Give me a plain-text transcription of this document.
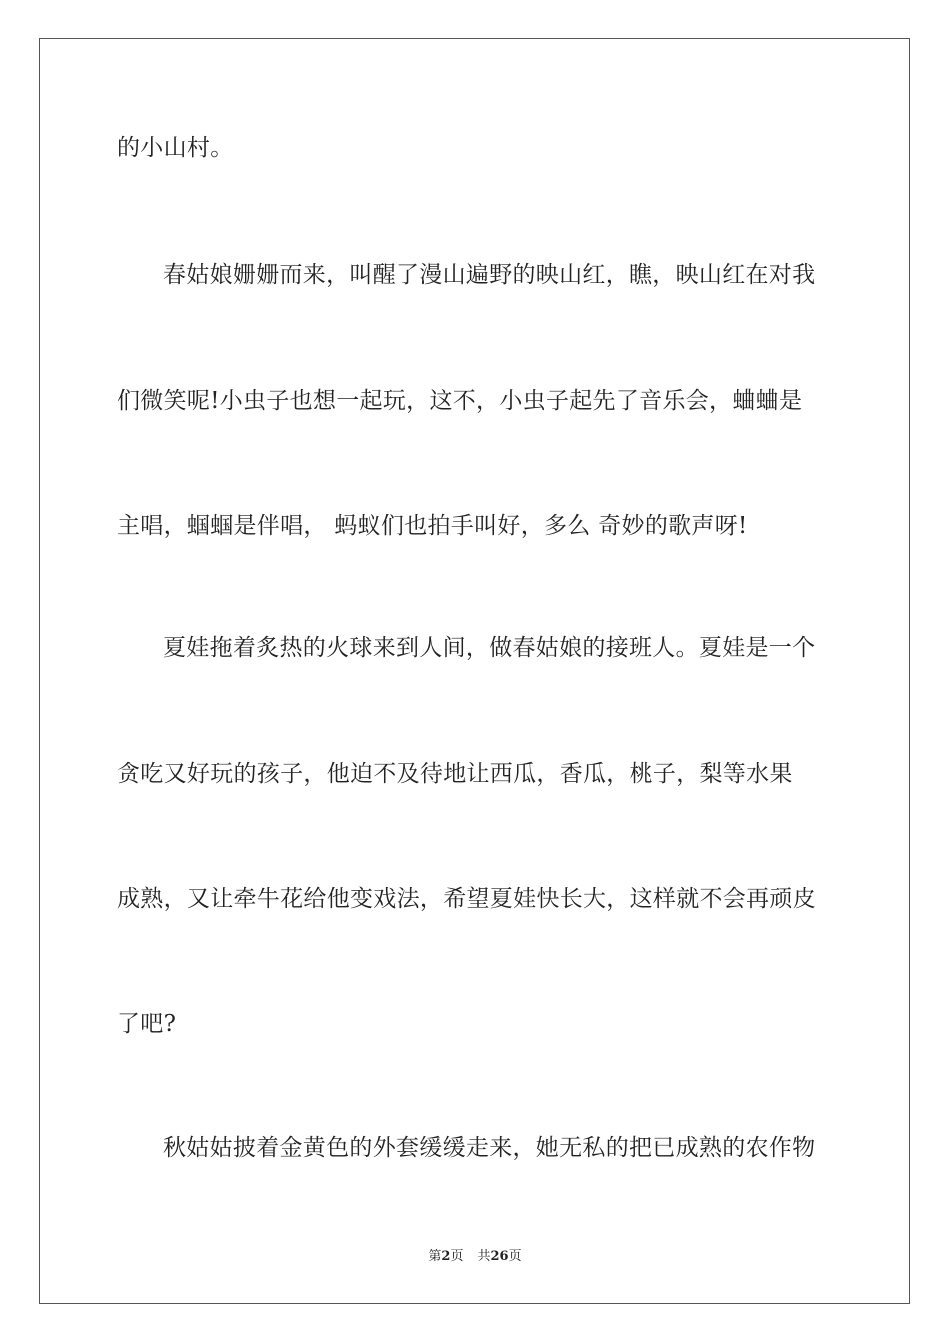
的小山村。
春姑娘姗姗而来，叫醒了漫山遍野的映山红，瞧，映山红在对我
们微笑呢!小虫子也想一起玩，这不，小虫子起先了音乐会，蛐蛐是
主唱，蝈蝈是伴唱， 蚂蚁们也拍手叫好，多么 奇妙的歌声呀!
夏娃拖着炙热的火球来到人间，做春姑娘的接班人。夏娃是一个
贪吃又好玩的孩子，他迫不及待地让西瓜，香瓜，桃子，梨等水果
成熟，又让牵牛花给他变戏法，希望夏娃快长大，这样就不会再顽皮
了吧?
秋姑姑披着金黄色的外套缓缓走来，她无私的把已成熟的农作物
第2页 共26页
